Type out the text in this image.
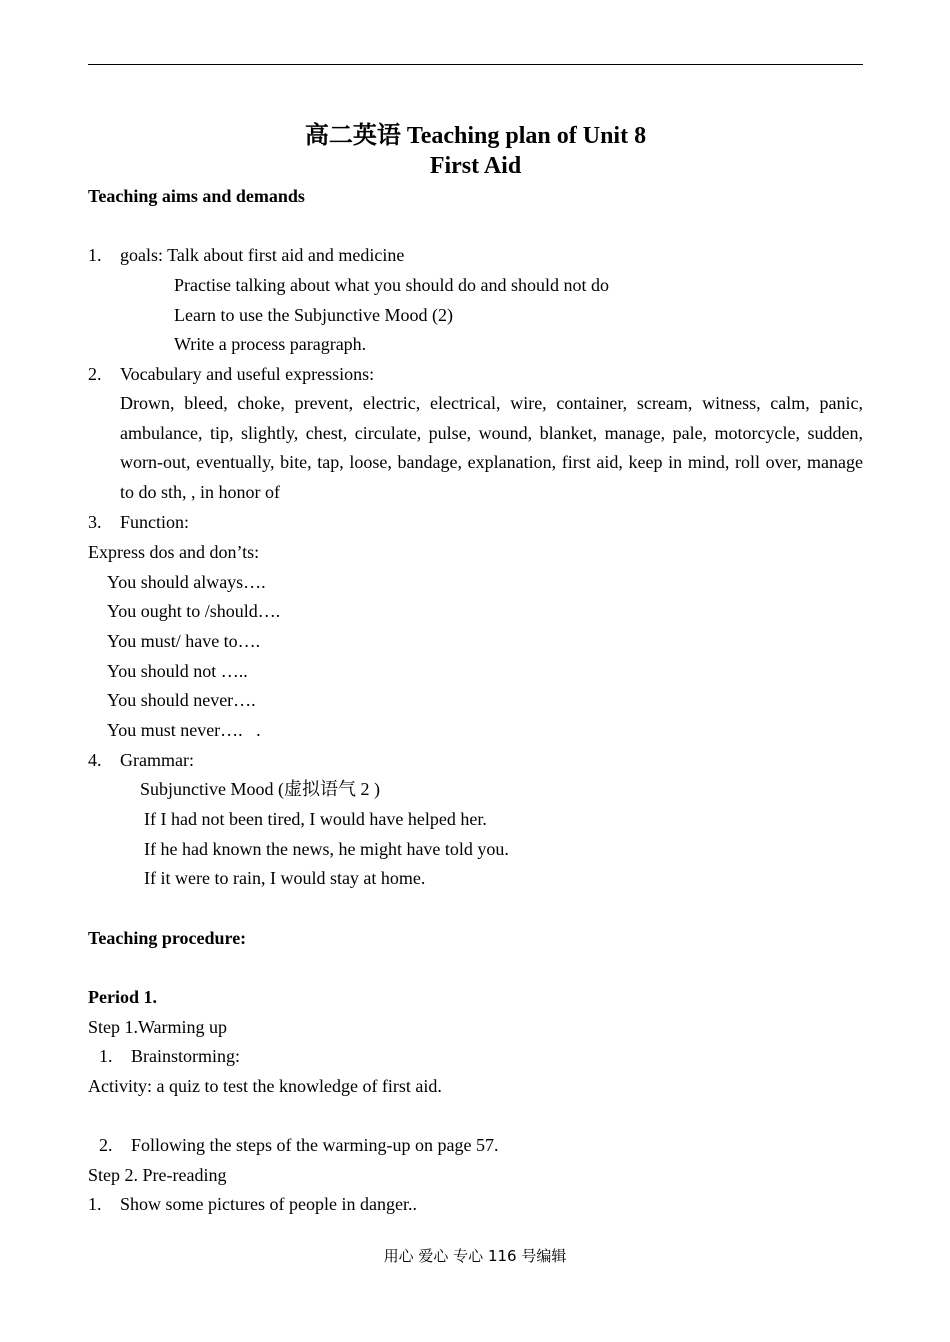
高二英语 Teaching plan of Unit 8
First Aid
Teaching aims and demands
1. goals: Talk about first aid and medicine
Practise talking about what you should do and should not do
Learn to use the Subjunctive Mood (2)
Write a process paragraph.
2. Vocabulary and useful expressions:
Drown, bleed, choke, prevent, electric, electrical, wire, container, scream, witness, calm, panic, ambulance, tip, slightly, chest, circulate, pulse, wound, blanket, manage, pale, motorcycle, sudden, worn-out, eventually, bite, tap, loose, bandage, explanation, first aid, keep in mind, roll over, manage to do sth, , in honor of
3. Function:
Express dos and don’ts:
You should always….
You ought to /should….
You must/ have to….
You should not …..
You should never….
You must never….   .
4. Grammar:
Subjunctive Mood (虚拟语气 2 )
If I had not been tired, I would have helped her.
If he had known the news, he might have told you.
If it were to rain, I would stay at home.
Teaching procedure:
Period 1.
Step 1.Warming up
1. Brainstorming:
Activity: a quiz to test the knowledge of first aid.
2. Following the steps of the warming-up on page 57.
Step 2. Pre-reading
1. Show some pictures of people in danger..
用心 爱心 专心 116 号编辑
